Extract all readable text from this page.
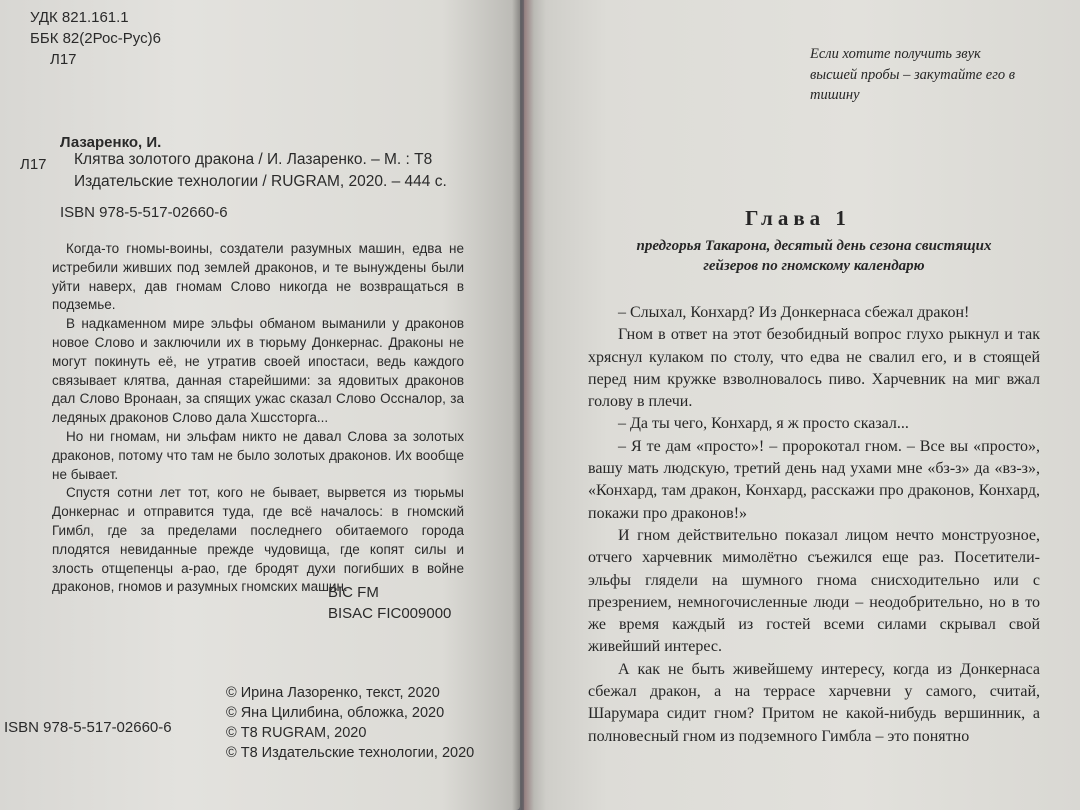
УДК 821.161.1
ББК 82(2Рос-Рус)6
Л17
Лазаренко, И.
Л17 Клятва золотого дракона / И. Лазаренко. – М. : Т8 Издательские технологии / RUGRAM, 2020. – 444 с.
ISBN 978-5-517-02660-6

Когда-то гномы-воины, создатели разумных машин, едва не истребили живших под землей драконов, и те вынуждены были уйти наверх, дав гномам Слово никогда не возвращаться в подземье.

В надкаменном мире эльфы обманом выманили у драконов новое Слово и заключили их в тюрьму Донкернас. Драконы не могут покинуть её, не утратив своей ипостаси, ведь каждого связывает клятва, данная старейшими: за ядовитых драконов дал Слово Вронаан, за спящих ужас сказал Слово Оссналор, за ледяных драконов Слово дала Хшссторга...

Но ни гномам, ни эльфам никто не давал Слова за золотых драконов, потому что там не было золотых драконов. Их вообще не бывает.

Спустя сотни лет тот, кого не бывает, вырвется из тюрьмы Донкернас и отправится туда, где всё началось: в гномский Гимбл, где за пределами последнего обитаемого города плодятся невиданные прежде чудовища, где копят силы и злость отщепенцы а-рао, где бродят духи погибших в войне драконов, гномов и разумных гномских машин.

BIC FM
BISAC FIC009000
© Ирина Лазоренко, текст, 2020
© Яна Цилибина, обложка, 2020
© Т8 RUGRAM, 2020
© Т8 Издательские технологии, 2020
ISBN 978-5-517-02660-6
Если хотите получить звук высшей пробы – закутайте его в тишину
Глава 1
предгорья Такарона, десятый день сезона свистящих гейзеров по гномскому календарю

– Слыхал, Конхард? Из Донкернаса сбежал дракон!

Гном в ответ на этот безобидный вопрос глухо рыкнул и так хряснул кулаком по столу, что едва не свалил его, и в стоящей перед ним кружке взволновалось пиво. Харчевник на миг вжал голову в плечи.

– Да ты чего, Конхард, я ж просто сказал...

– Я те дам «просто»! – пророкотал гном. – Все вы «просто», вашу мать людскую, третий день над ухами мне «бз-з» да «вз-з», «Конхард, там дракон, Конхард, расскажи про драконов, Конхард, покажи про драконов!»

И гном действительно показал лицом нечто монструозное, отчего харчевник мимолётно съежился еще раз. Посетители-эльфы глядели на шумного гнома снисходительно или с презрением, немногочисленные люди – неодобрительно, но в то же время каждый из гостей всеми силами скрывал свой живейший интерес.

А как не быть живейшему интересу, когда из Донкернаса сбежал дракон, а на террасе харчевни у самого, считай, Шарумара сидит гном? Притом не какой-нибудь вершинник, а полновесный гном из подземного Гимбла – это понятно
